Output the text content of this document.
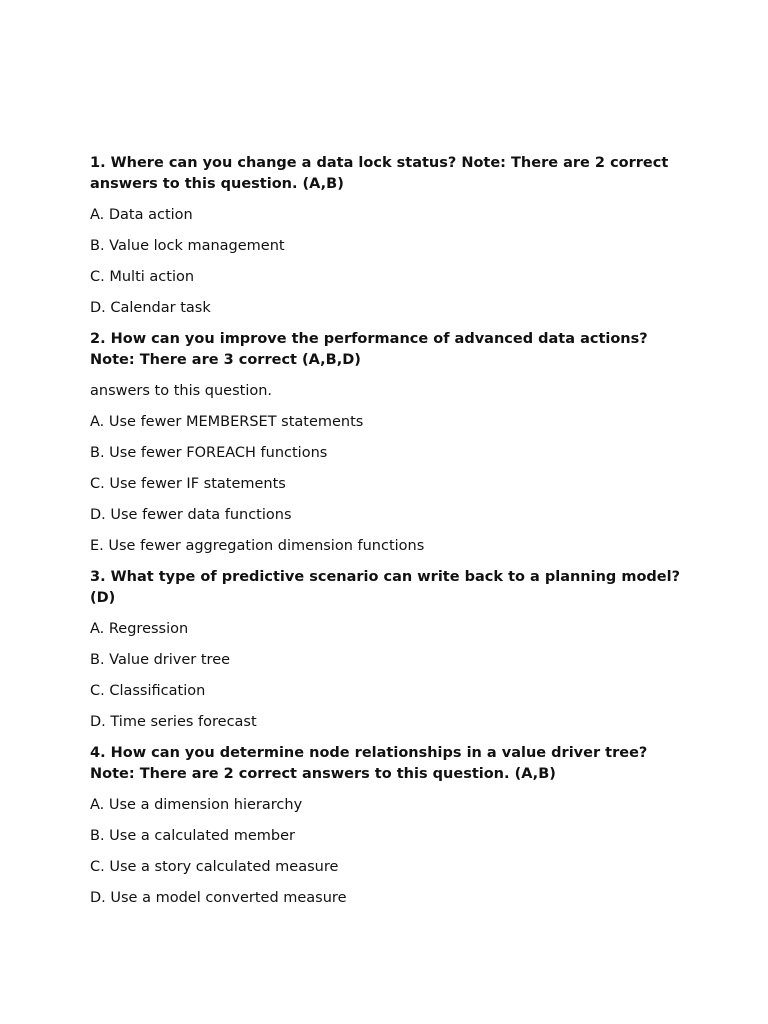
1. Where can you change a data lock status? Note: There are 2 correct answers to this question. (A,B)

A. Data action

B. Value lock management

C. Multi action

D. Calendar task

2. How can you improve the performance of advanced data actions? Note: There are 3 correct (A,B,D)

answers to this question.

A. Use fewer MEMBERSET statements

B. Use fewer FOREACH functions

C. Use fewer IF statements

D. Use fewer data functions

E. Use fewer aggregation dimension functions

3. What type of predictive scenario can write back to a planning model? (D)

A. Regression

B. Value driver tree

C. Classification

D. Time series forecast

4. How can you determine node relationships in a value driver tree? Note: There are 2 correct answers to this question. (A,B)

A. Use a dimension hierarchy

B. Use a calculated member

C. Use a story calculated measure

D. Use a model converted measure
